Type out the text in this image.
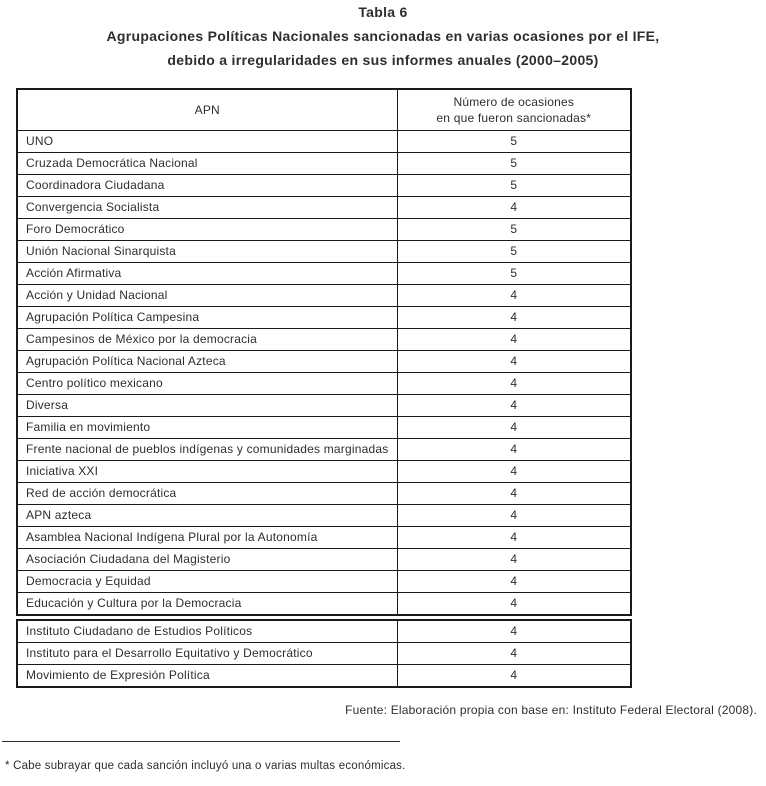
Tabla 6
Agrupaciones Políticas Nacionales sancionadas en varias ocasiones por el IFE,
debido a irregularidades en sus informes anuales (2000–2005)
APN	Número de ocasiones
en que fueron sancionadas*
UNO	5
Cruzada Democrática Nacional	5
Coordinadora Ciudadana	5
Convergencia Socialista	4
Foro Democrático	5
Unión Nacional Sinarquista	5
Acción Afirmativa	5
Acción y Unidad Nacional	4
Agrupación Política Campesina	4
Campesinos de México por la democracia	4
Agrupación Política Nacional Azteca	4
Centro político mexicano	4
Diversa	4
Familia en movimiento	4
Frente nacional de pueblos indígenas y comunidades marginadas	4
Iniciativa XXI	4
Red de acción democrática	4
APN azteca	4
Asamblea Nacional Indígena Plural por la Autonomía	4
Asociación Ciudadana del Magisterio	4
Democracia y Equidad	4
Educación y Cultura por la Democracia	4
Instituto Ciudadano de Estudios Políticos	4
Instituto para el Desarrollo Equitativo y Democrático	4
Movimiento de Expresión Política	4
Fuente: Elaboración propia con base en: Instituto Federal Electoral (2008).
* Cabe subrayar que cada sanción incluyó una o varias multas económicas.
